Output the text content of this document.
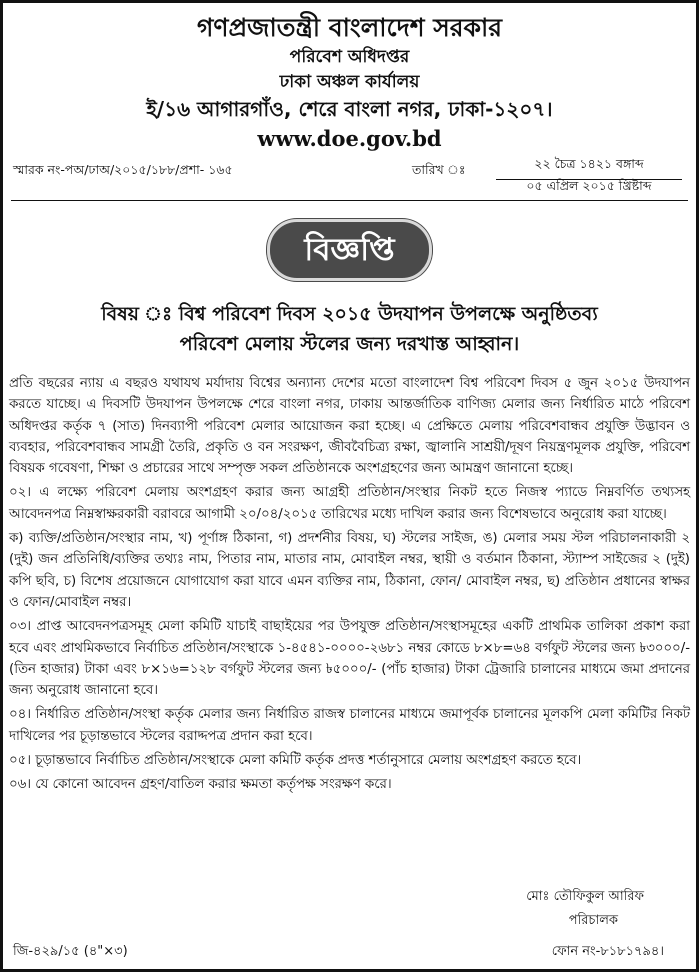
গণপ্রজাতন্ত্রী বাংলাদেশ সরকার
পরিবেশ অধিদপ্তর
ঢাকা অঞ্চল কার্যালয়
ই/১৬ আগারগাঁও, শেরে বাংলা নগর, ঢাকা-১২০৭।
www.doe.gov.bd
স্মারক নং-পঅ/ঢাঅ/২০১৫/১৮৮/প্রশা- ১৬৫	তারিখ ঃ	২২ চৈত্র ১৪২১ বঙ্গাব্দ
০৫ এপ্রিল ২০১৫ খ্রিষ্টাব্দ
বিজ্ঞপ্তি
বিষয় ঃ বিশ্ব পরিবেশ দিবস ২০১৫ উদযাপন উপলক্ষে অনুষ্ঠিতব্য
পরিবেশ মেলায় স্টলের জন্য দরখাস্ত আহ্বান।

প্রতি বছরের ন্যায় এ বছরও যথাযথ মর্যাদায় বিশ্বের অন্যান্য দেশের মতো বাংলাদেশ বিশ্ব পরিবেশ দিবস ৫ জুন ২০১৫ উদযাপন করতে যাচ্ছে। এ দিবসটি উদযাপন উপলক্ষে শেরে বাংলা নগর, ঢাকায় আন্তর্জাতিক বাণিজ্য মেলার জন্য নির্ধারিত মাঠে পরিবেশ অধিদপ্তর কর্তৃক ৭ (সাত) দিনব্যাপী পরিবেশ মেলার আয়োজন করা হচ্ছে। এ প্রেক্ষিতে মেলায় পরিবেশবান্ধব প্রযুক্তি উদ্ভাবন ও ব্যবহার, পরিবেশবান্ধব সামগ্রী তৈরি, প্রকৃতি ও বন সংরক্ষণ, জীববৈচিত্র্য রক্ষা, জ্বালানি সাশ্রয়ী/দূষণ নিয়ন্ত্রণমূলক প্রযুক্তি, পরিবেশ বিষয়ক গবেষণা, শিক্ষা ও প্রচারের সাথে সম্পৃক্ত সকল প্রতিষ্ঠানকে অংশগ্রহণের জন্য আমন্ত্রণ জানানো হচ্ছে।

০২। এ লক্ষ্যে পরিবেশ মেলায় অংশগ্রহণ করার জন্য আগ্রহী প্রতিষ্ঠান/সংস্থার নিকট হতে নিজস্ব প্যাডে নিম্নবর্ণিত তথ্যসহ আবেদনপত্র নিম্নস্বাক্ষরকারী বরাবরে আগামী ২০/০৪/২০১৫ তারিখের মধ্যে দাখিল করার জন্য বিশেষভাবে অনুরোধ করা যাচ্ছে।

ক) ব্যক্তি/প্রতিষ্ঠান/সংস্থার নাম, খ) পূর্ণাঙ্গ ঠিকানা, গ) প্রদর্শনীর বিষয়, ঘ) স্টলের সাইজ, ঙ) মেলার সময় স্টল পরিচালনাকারী ২ (দুই) জন প্রতিনিধি/ব্যক্তির তথ্যঃ নাম, পিতার নাম, মাতার নাম, মোবাইল নম্বর, স্থায়ী ও বর্তমান ঠিকানা, স্ট্যাম্প সাইজের ২ (দুই) কপি ছবি, চ) বিশেষ প্রয়োজনে যোগাযোগ করা যাবে এমন ব্যক্তির নাম, ঠিকানা, ফোন/ মোবাইল নম্বর, ছ) প্রতিষ্ঠান প্রধানের স্বাক্ষর ও ফোন/মোবাইল নম্বর।

০৩। প্রাপ্ত আবেদনপত্রসমূহ মেলা কমিটি যাচাই বাছাইয়ের পর উপযুক্ত প্রতিষ্ঠান/সংস্থাসমূহের একটি প্রাথমিক তালিকা প্রকাশ করা হবে এবং প্রাথমিকভাবে নির্বাচিত প্রতিষ্ঠান/সংস্থাকে ১-৪৫৪১-০০০০-২৬৮১ নম্বর কোডে ৮×৮=৬৪ বর্গফুট স্টলের জন্য ৳৩০০০/- (তিন হাজার) টাকা এবং ৮×১৬=১২৮ বর্গফুট স্টলের জন্য ৳৫০০০/- (পাঁচ হাজার) টাকা ট্রেজারি চালানের মাধ্যমে জমা প্রদানের জন্য অনুরোধ জানানো হবে।

০৪। নির্ধারিত প্রতিষ্ঠান/সংস্থা কর্তৃক মেলার জন্য নির্ধারিত রাজস্ব চালানের মাধ্যমে জমাপূর্বক চালানের মূলকপি মেলা কমিটির নিকট দাখিলের পর চূড়ান্তভাবে স্টলের বরাদ্দপত্র প্রদান করা হবে।

০৫। চূড়ান্তভাবে নির্বাচিত প্রতিষ্ঠান/সংস্থাকে মেলা কমিটি কর্তৃক প্রদত্ত শর্তানুসারে মেলায় অংশগ্রহণ করতে হবে।

০৬। যে কোনো আবেদন গ্রহণ/বাতিল করার ক্ষমতা কর্তৃপক্ষ সংরক্ষণ করে।

মোঃ তৌফিকুল আরিফ
পরিচালক
ফোন নং-৮১৮১৭৯৪।
জি-৪২৯/১৫ (৪"×৩)
